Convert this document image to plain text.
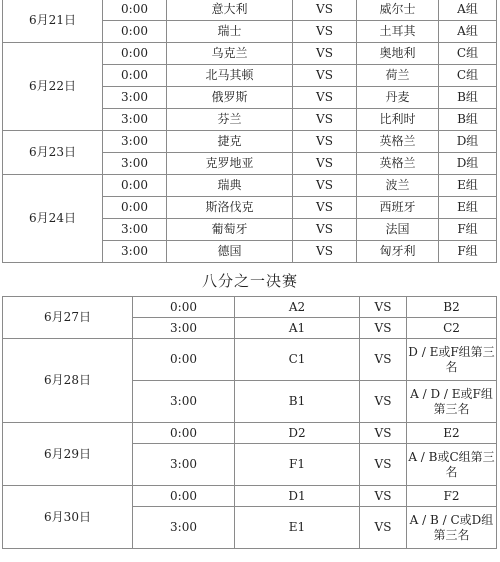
6月21日	0:00	意大利	VS	威尔士	A组
	0:00	瑞士	VS	土耳其	A组
6月22日	0:00	乌克兰	VS	奥地利	C组
	0:00	北马其顿	VS	荷兰	C组
	3:00	俄罗斯	VS	丹麦	B组
	3:00	芬兰	VS	比利时	B组
6月23日	3:00	捷克	VS	英格兰	D组
	3:00	克罗地亚	VS	英格兰	D组
6月24日	0:00	瑞典	VS	波兰	E组
	0:00	斯洛伐克	VS	西班牙	E组
	3:00	葡萄牙	VS	法国	F组
	3:00	德国	VS	匈牙利	F组
八分之一决赛
6月27日	0:00	A2	VS	B2
	3:00	A1	VS	C2
6月28日	0:00	C1	VS	D / E或F组第三名
	3:00	B1	VS	A / D / E或F组第三名
6月29日	0:00	D2	VS	E2
	3:00	F1	VS	A / B或C组第三名
6月30日	0:00	D1	VS	F2
	3:00	E1	VS	A / B / C或D组第三名
